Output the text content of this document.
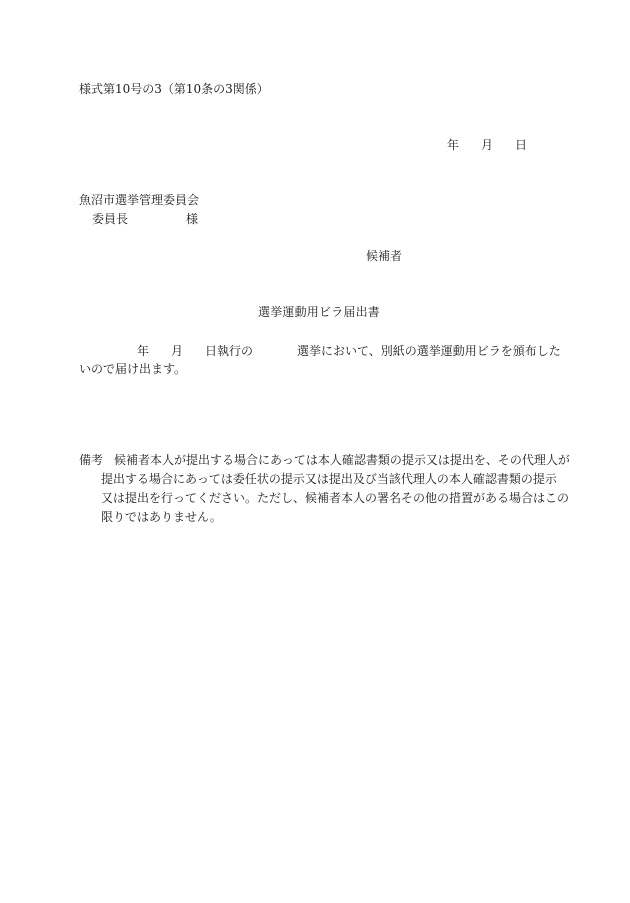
様式第10号の3（第10条の3関係）
年 月 日
魚沼市選挙管理委員会
委員長	様
候補者
選挙運動用ビラ届出書
年 月 日執行の	選挙において、別紙の選挙運動用ビラを頒布した
いので届け出ます。
備考 候補者本人が提出する場合にあっては本人確認書類の提示又は提出を、その代理人が
提出する場合にあっては委任状の提示又は提出及び当該代理人の本人確認書類の提示
又は提出を行ってください。ただし、候補者本人の署名その他の措置がある場合はこの
限りではありません。
